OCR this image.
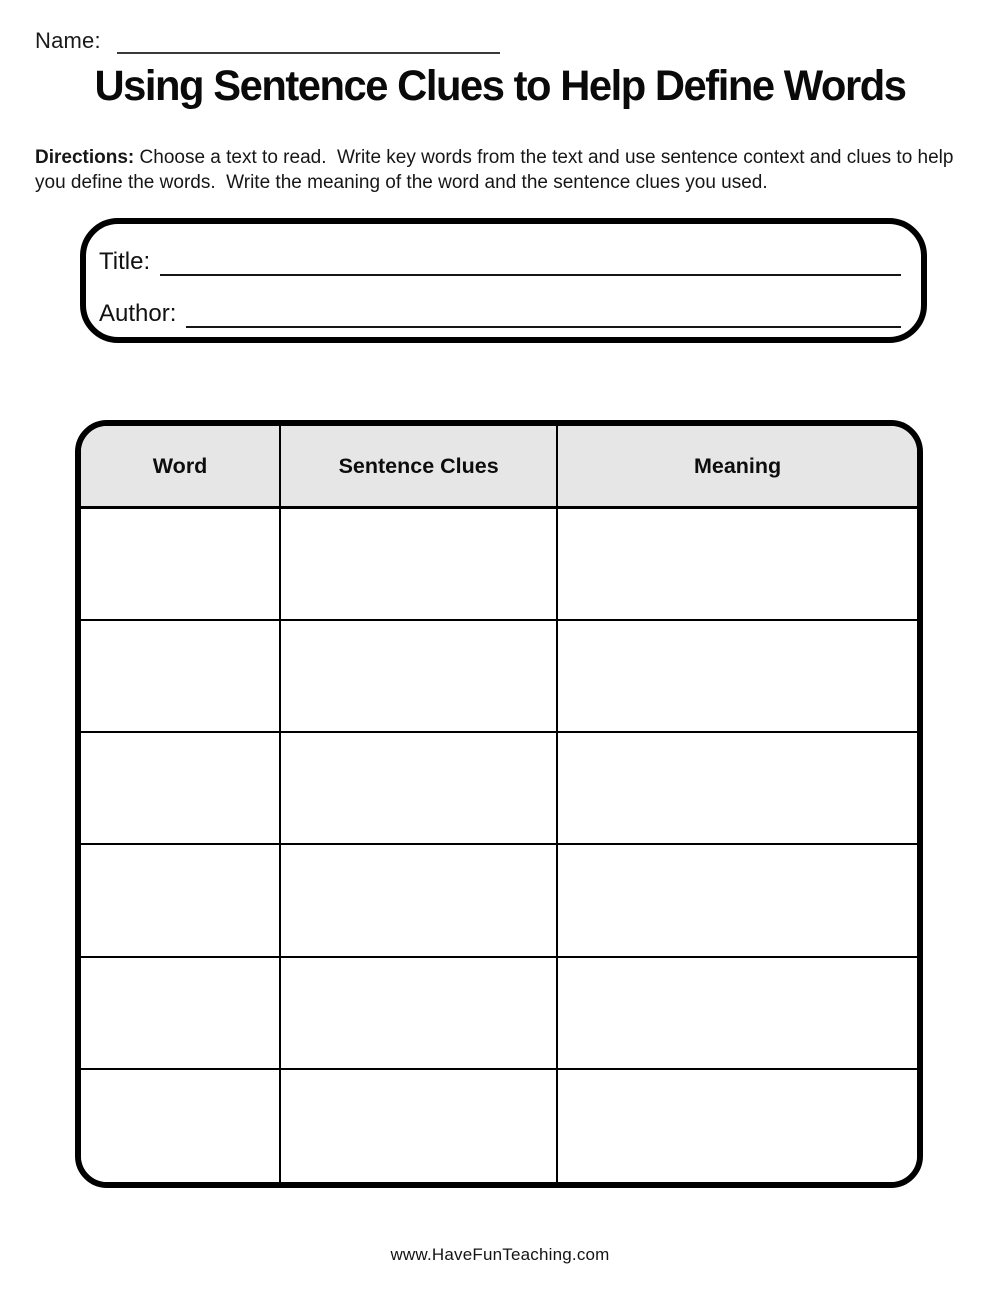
Name:
Using Sentence Clues to Help Define Words

Directions: Choose a text to read.  Write key words from the text and use sentence context and clues to help you define the words.  Write the meaning of the word and the sentence clues you used.

Title:
Author:
Word	Sentence Clues	Meaning
www.HaveFunTeaching.com
